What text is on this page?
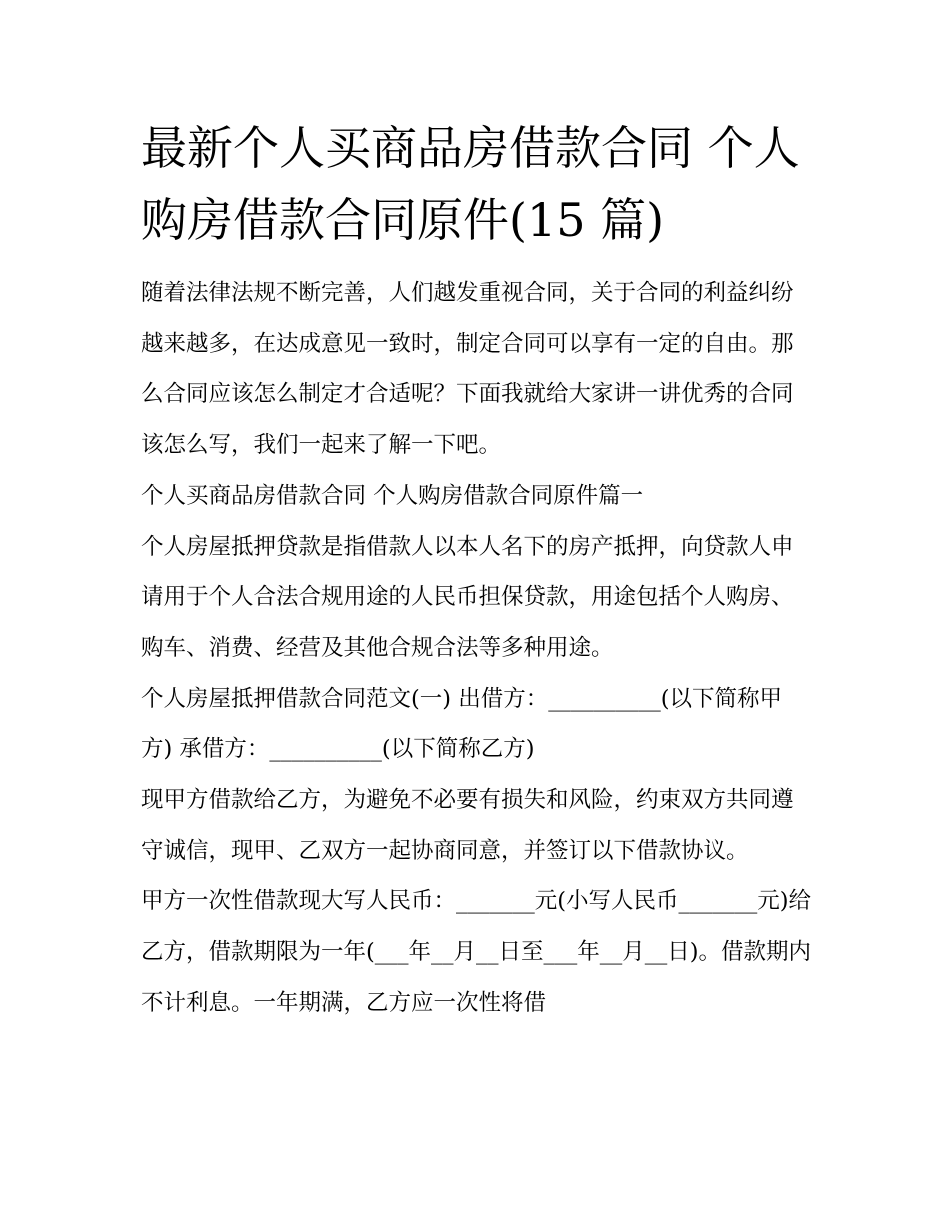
最新个人买商品房借款合同 个人购房借款合同原件(15 篇)

随着法律法规不断完善，人们越发重视合同，关于合同的利益纠纷越来越多，在达成意见一致时，制定合同可以享有一定的自由。那么合同应该怎么制定才合适呢？下面我就给大家讲一讲优秀的合同该怎么写，我们一起来了解一下吧。

个人买商品房借款合同 个人购房借款合同原件篇一

个人房屋抵押贷款是指借款人以本人名下的房产抵押，向贷款人申请用于个人合法合规用途的人民币担保贷款，用途包括个人购房、购车、消费、经营及其他合规合法等多种用途。

个人房屋抵押借款合同范文(一) 出借方：__________(以下简称甲方) 承借方：__________(以下简称乙方)

现甲方借款给乙方，为避免不必要有损失和风险，约束双方共同遵守诚信，现甲、乙双方一起协商同意，并签订以下借款协议。

甲方一次性借款现大写人民币：_______元(小写人民币_______元)给乙方，借款期限为一年(___年__月__日至___年__月__日)。借款期内不计利息。一年期满，乙方应一次性将借
